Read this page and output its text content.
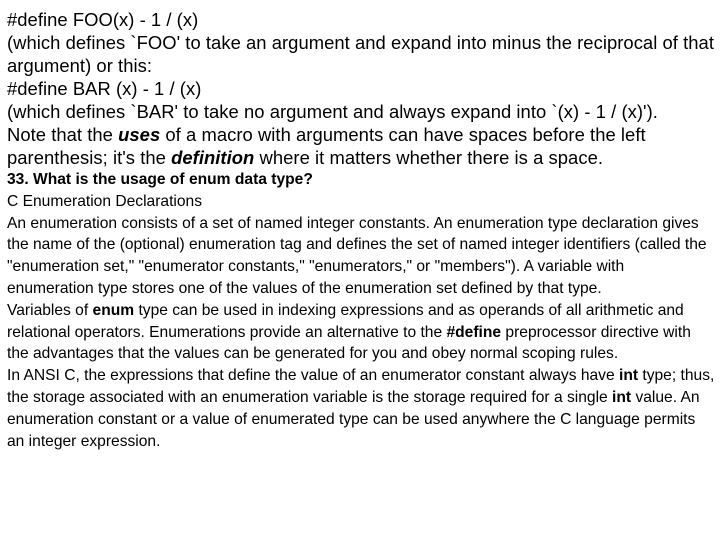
#define FOO(x) - 1 / (x)

(which defines `FOO' to take an argument and expand into minus the reciprocal of that argument) or this:

#define BAR (x) - 1 / (x)

(which defines `BAR' to take no argument and always expand into `(x) - 1 / (x)').

Note that the uses of a macro with arguments can have spaces before the left parenthesis; it's the definition where it matters whether there is a space.

33. What is the usage of enum data type?

C Enumeration Declarations

An enumeration consists of a set of named integer constants. An enumeration type declaration gives the name of the (optional) enumeration tag and defines the set of named integer identifiers (called the "enumeration set," "enumerator constants," "enumerators," or "members"). A variable with enumeration type stores one of the values of the enumeration set defined by that type.

Variables of enum type can be used in indexing expressions and as operands of all arithmetic and relational operators. Enumerations provide an alternative to the #define preprocessor directive with the advantages that the values can be generated for you and obey normal scoping rules.

In ANSI C, the expressions that define the value of an enumerator constant always have int type; thus, the storage associated with an enumeration variable is the storage required for a single int value. An enumeration constant or a value of enumerated type can be used anywhere the C language permits an integer expression.
